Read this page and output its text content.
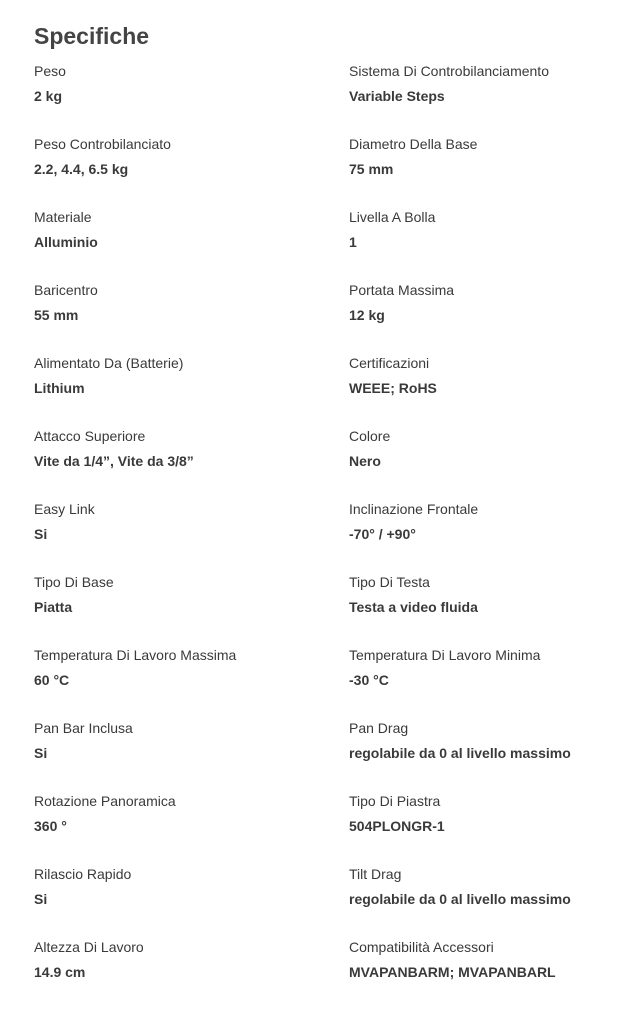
Specifiche
Peso
2 kg
Sistema Di Controbilanciamento
Variable Steps
Peso Controbilanciato
2.2, 4.4, 6.5 kg
Diametro Della Base
75 mm
Materiale
Alluminio
Livella A Bolla
1
Baricentro
55 mm
Portata Massima
12 kg
Alimentato Da (Batterie)
Lithium
Certificazioni
WEEE; RoHS
Attacco Superiore
Vite da 1/4”, Vite da 3/8”
Colore
Nero
Easy Link
Si
Inclinazione Frontale
-70° / +90°
Tipo Di Base
Piatta
Tipo Di Testa
Testa a video fluida
Temperatura Di Lavoro Massima
60 °C
Temperatura Di Lavoro Minima
-30 °C
Pan Bar Inclusa
Si
Pan Drag
regolabile da 0 al livello massimo
Rotazione Panoramica
360 °
Tipo Di Piastra
504PLONGR-1
Rilascio Rapido
Si
Tilt Drag
regolabile da 0 al livello massimo
Altezza Di Lavoro
14.9 cm
Compatibilità Accessori
MVAPANBARM; MVAPANBARL
